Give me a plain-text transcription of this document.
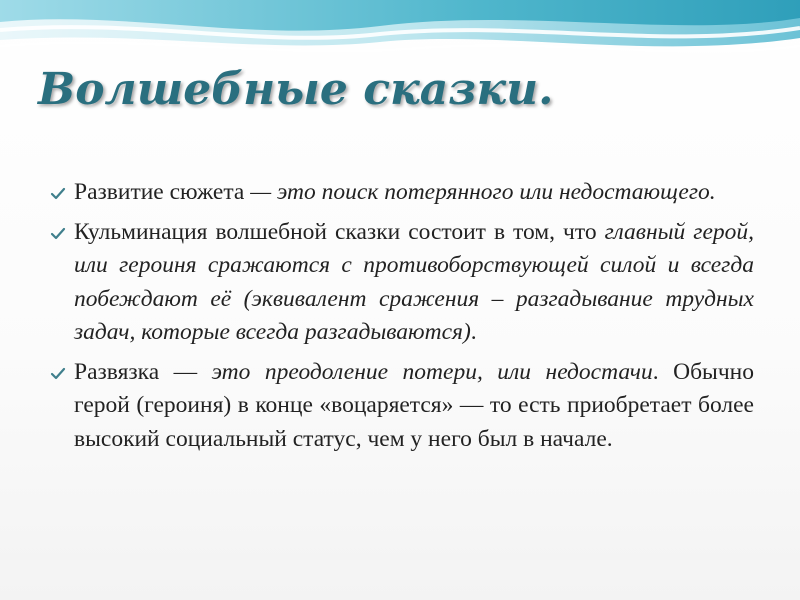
Волшебные сказки.

Развитие сюжета — это поиск потерянного или недостающего.

Кульминация волшебной сказки состоит в том, что главный герой, или героиня сражаются с противоборствующей силой и всегда побеждают её (эквивалент сражения – разгадывание трудных задач, которые всегда разгадываются).

Развязка — это преодоление потери, или недостачи. Обычно герой (героиня) в конце «воцаряется» — то есть приобретает более высокий социальный статус, чем у него был в начале.
